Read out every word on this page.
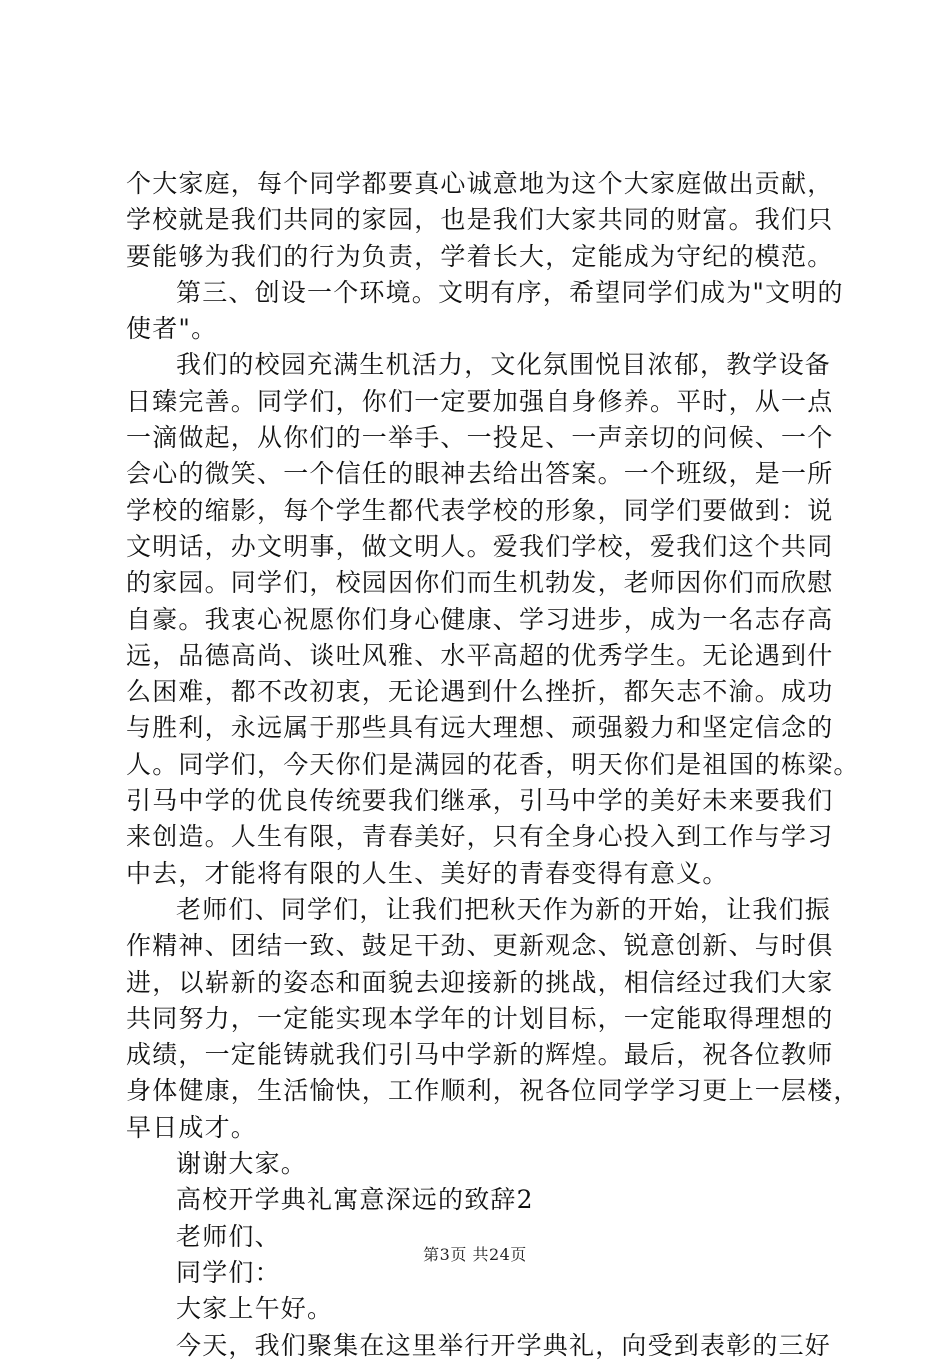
个大家庭，每个同学都要真心诚意地为这个大家庭做出贡献，
学校就是我们共同的家园，也是我们大家共同的财富。我们只
要能够为我们的行为负责，学着长大，定能成为守纪的模范。
第三、创设一个环境。文明有序，希望同学们成为"文明的
使者"。
我们的校园充满生机活力，文化氛围悦目浓郁，教学设备
日臻完善。同学们，你们一定要加强自身修养。平时，从一点
一滴做起，从你们的一举手、一投足、一声亲切的问候、一个
会心的微笑、一个信任的眼神去给出答案。一个班级，是一所
学校的缩影，每个学生都代表学校的形象，同学们要做到：说
文明话，办文明事，做文明人。爱我们学校，爱我们这个共同
的家园。同学们，校园因你们而生机勃发，老师因你们而欣慰
自豪。我衷心祝愿你们身心健康、学习进步，成为一名志存高
远，品德高尚、谈吐风雅、水平高超的优秀学生。无论遇到什
么困难，都不改初衷，无论遇到什么挫折，都矢志不渝。成功
与胜利，永远属于那些具有远大理想、顽强毅力和坚定信念的
人。同学们，今天你们是满园的花香，明天你们是祖国的栋梁。
引马中学的优良传统要我们继承，引马中学的美好未来要我们
来创造。人生有限，青春美好，只有全身心投入到工作与学习
中去，才能将有限的人生、美好的青春变得有意义。
老师们、同学们，让我们把秋天作为新的开始，让我们振
作精神、团结一致、鼓足干劲、更新观念、锐意创新、与时俱
进，以崭新的姿态和面貌去迎接新的挑战，相信经过我们大家
共同努力，一定能实现本学年的计划目标，一定能取得理想的
成绩，一定能铸就我们引马中学新的辉煌。最后，祝各位教师
身体健康，生活愉快，工作顺利，祝各位同学学习更上一层楼，
早日成才。
谢谢大家。
高校开学典礼寓意深远的致辞2
老师们、
同学们：
大家上午好。
今天，我们聚集在这里举行开学典礼，向受到表彰的三好
第3页 共24页
